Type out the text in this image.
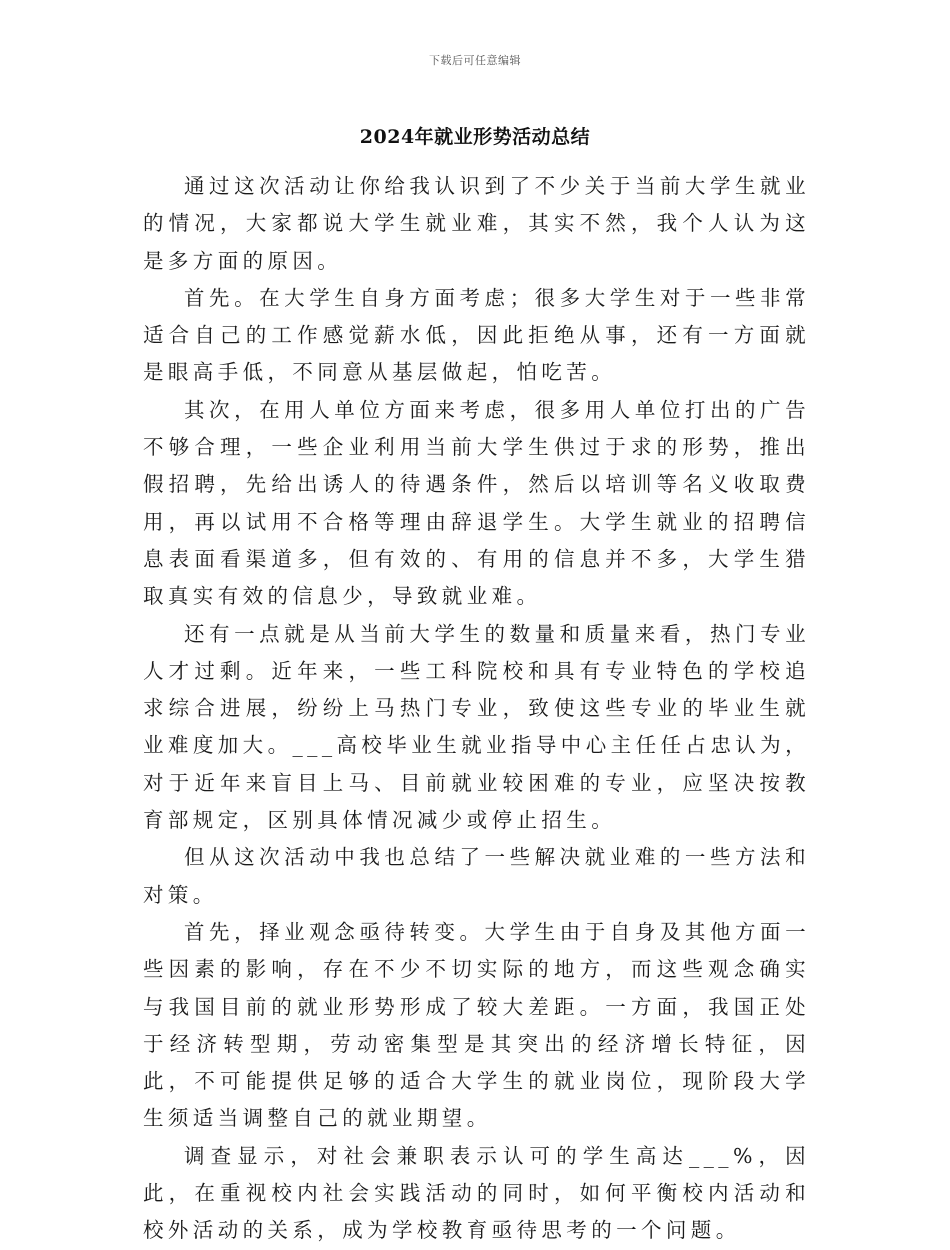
下载后可任意编辑
2024年就业形势活动总结

通过这次活动让你给我认识到了不少关于当前大学生就业的情况，大家都说大学生就业难，其实不然，我个人认为这是多方面的原因。

首先。在大学生自身方面考虑；很多大学生对于一些非常适合自己的工作感觉薪水低，因此拒绝从事，还有一方面就是眼高手低，不同意从基层做起，怕吃苦。

其次，在用人单位方面来考虑，很多用人单位打出的广告不够合理，一些企业利用当前大学生供过于求的形势，推出假招聘，先给出诱人的待遇条件，然后以培训等名义收取费用，再以试用不合格等理由辞退学生。大学生就业的招聘信息表面看渠道多，但有效的、有用的信息并不多，大学生猎取真实有效的信息少，导致就业难。

还有一点就是从当前大学生的数量和质量来看，热门专业人才过剩。近年来，一些工科院校和具有专业特色的学校追求综合进展，纷纷上马热门专业，致使这些专业的毕业生就业难度加大。___高校毕业生就业指导中心主任任占忠认为，对于近年来盲目上马、目前就业较困难的专业，应坚决按教育部规定，区别具体情况减少或停止招生。

但从这次活动中我也总结了一些解决就业难的一些方法和对策。

首先，择业观念亟待转变。大学生由于自身及其他方面一些因素的影响，存在不少不切实际的地方，而这些观念确实与我国目前的就业形势形成了较大差距。一方面，我国正处于经济转型期，劳动密集型是其突出的经济增长特征，因此，不可能提供足够的适合大学生的就业岗位，现阶段大学生须适当调整自己的就业期望。

调查显示，对社会兼职表示认可的学生高达___%，因此，在重视校内社会实践活动的同时，如何平衡校内活动和校外活动的关系，成为学校教育亟待思考的一个问题。
